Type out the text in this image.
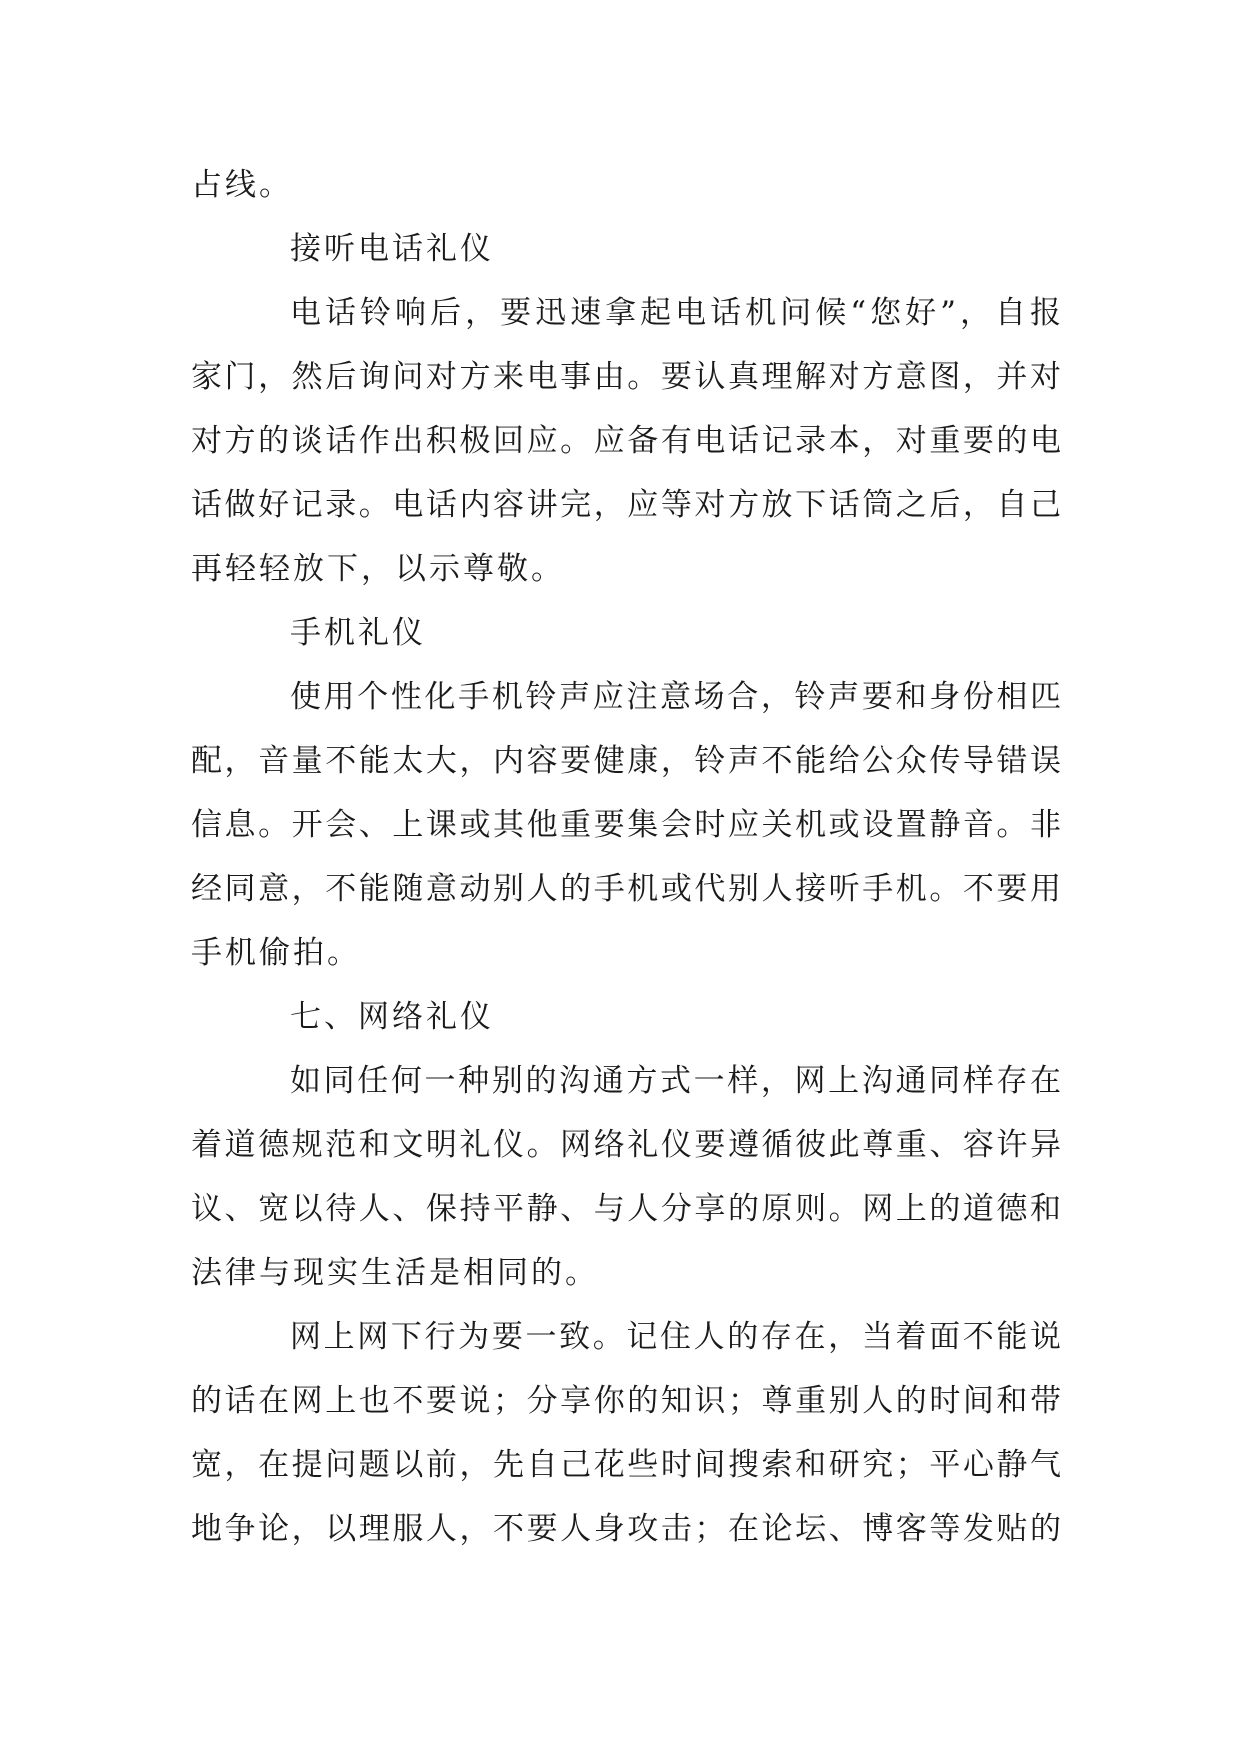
占线。
接听电话礼仪
电话铃响后，要迅速拿起电话机问候“您好”，自报
家门，然后询问对方来电事由。要认真理解对方意图，并对
对方的谈话作出积极回应。应备有电话记录本，对重要的电
话做好记录。电话内容讲完，应等对方放下话筒之后，自己
再轻轻放下，以示尊敬。
手机礼仪
使用个性化手机铃声应注意场合，铃声要和身份相匹
配，音量不能太大，内容要健康，铃声不能给公众传导错误
信息。开会、上课或其他重要集会时应关机或设置静音。非
经同意，不能随意动别人的手机或代别人接听手机。不要用
手机偷拍。
七、网络礼仪
如同任何一种别的沟通方式一样，网上沟通同样存在
着道德规范和文明礼仪。网络礼仪要遵循彼此尊重、容许异
议、宽以待人、保持平静、与人分享的原则。网上的道德和
法律与现实生活是相同的。
网上网下行为要一致。记住人的存在，当着面不能说
的话在网上也不要说；分享你的知识；尊重别人的时间和带
宽，在提问题以前，先自己花些时间搜索和研究；平心静气
地争论，以理服人，不要人身攻击；在论坛、博客等发贴的
